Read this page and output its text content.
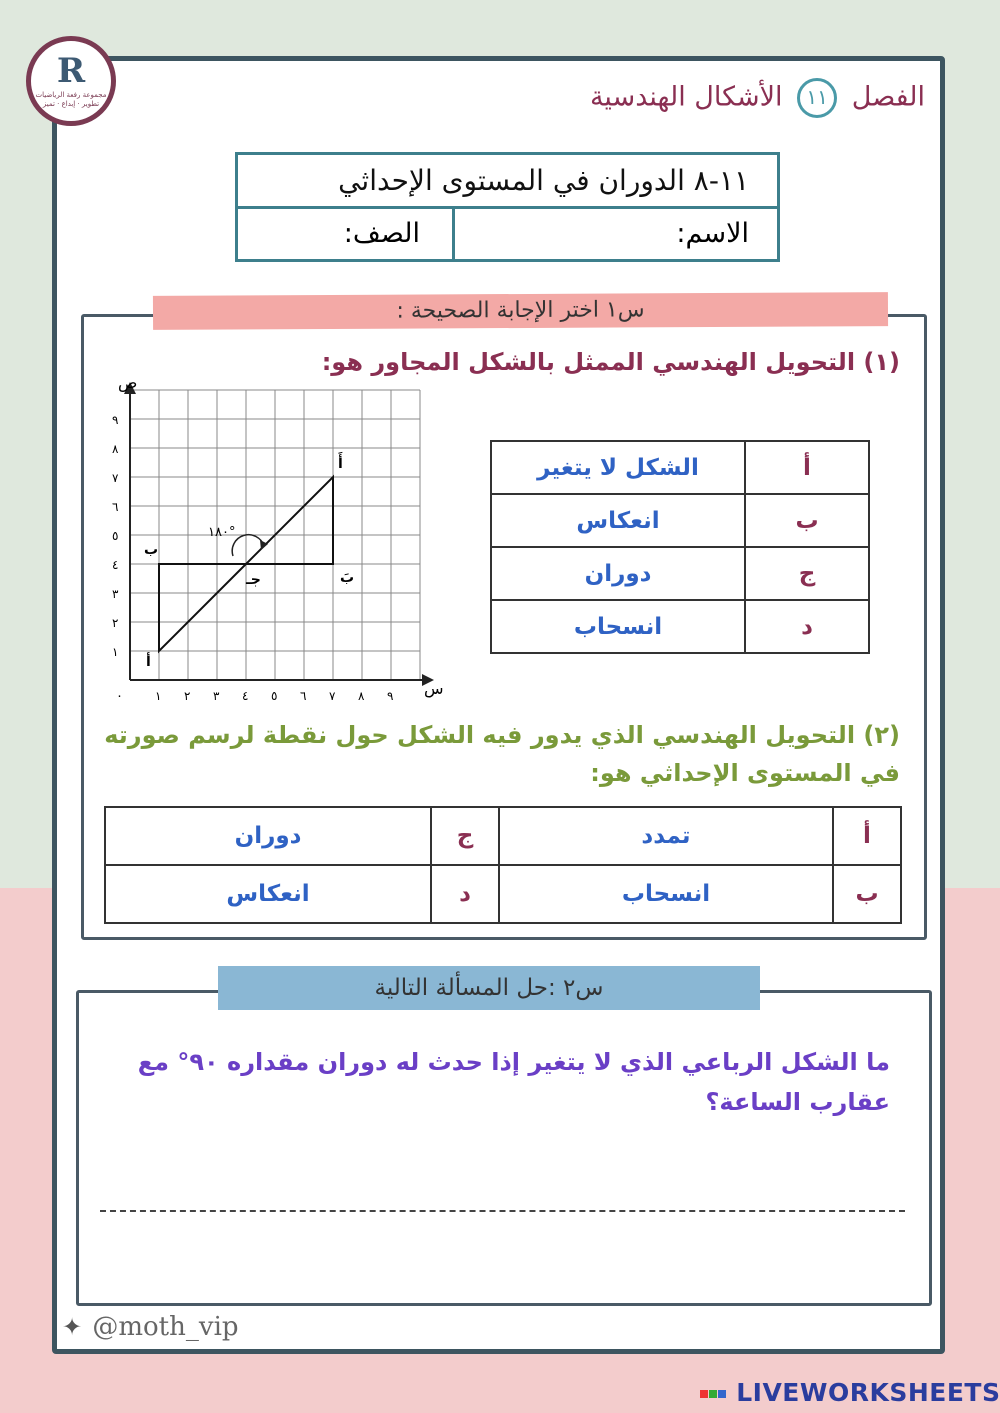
R
مجموعة رفعة الرياضيات
تطوير · إبداع · تميز	الفصل ١١ الأشكال الهندسية
١١-٨ الدوران في المستوى الإحداثي
الاسم:
الصف:
س١ اختر الإجابة الصحيحة :
(١) التحويل الهندسي الممثل بالشكل المجاور هو:
١ ٢ ٣ ٤ ٥ ٦ ٧ ٨ ٩
١
٢
٣
٤
٥
٦
٧
٨
٩
س
ص
٠
١٨٠°
أ
ب
جـ
أَ
بَ
أ	الشكل لا يتغير
ب	انعكاس
ج	دوران
د	انسحاب
(٢) التحويل الهندسي الذي يدور فيه الشكل حول نقطة لرسم صورته في المستوى الإحداثي هو:
أ	تمدد	ج	دوران
ب	انسحاب	د	انعكاس
س٢ :حل المسألة التالية
ما الشكل الرباعي الذي لا يتغير إذا حدث له دوران مقداره ٩٠° مع عقارب الساعة؟
✦ @moth_vip
LIVEWORKSHEETS
